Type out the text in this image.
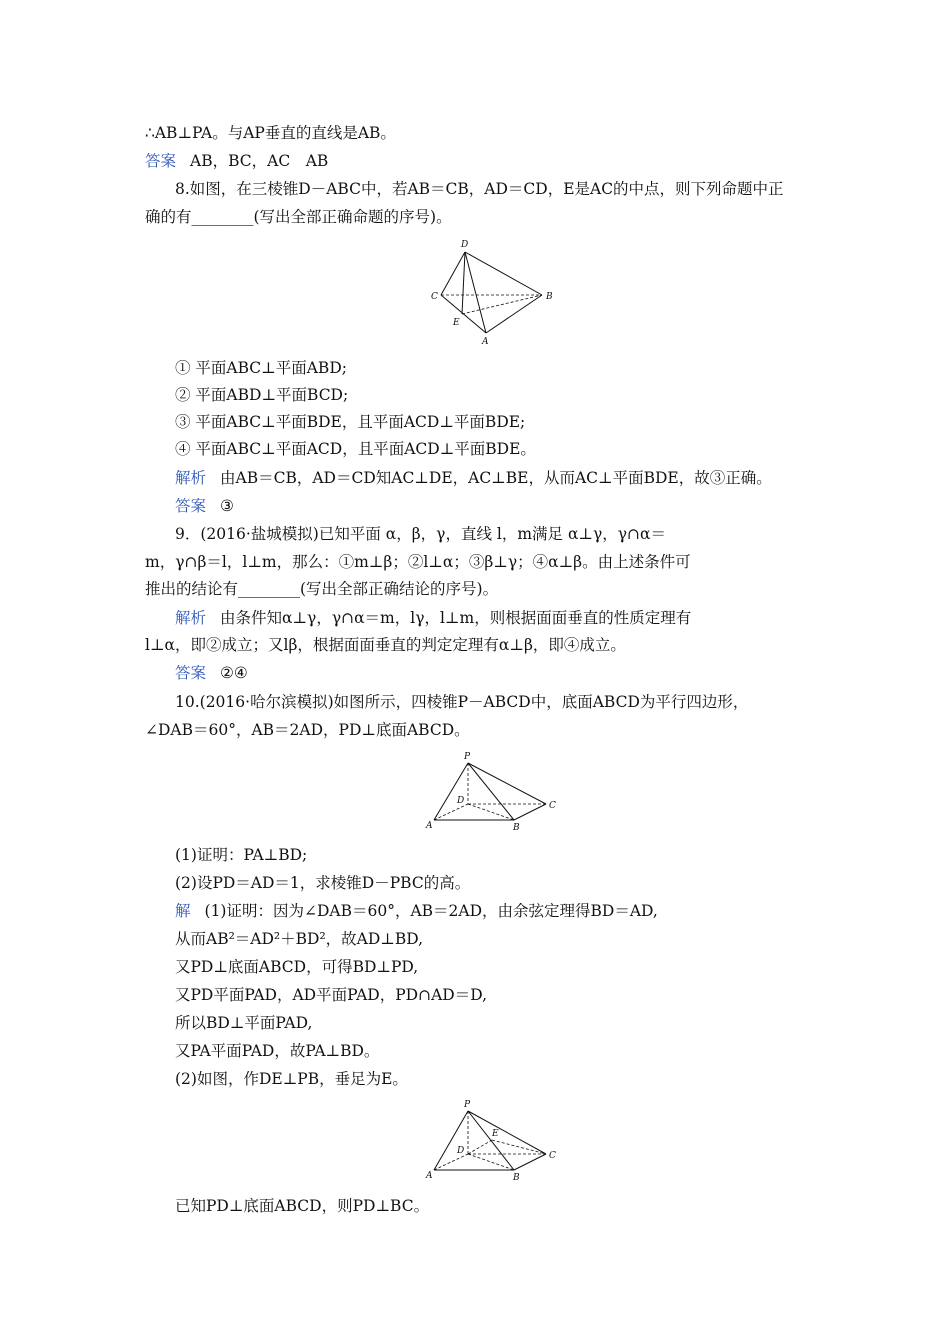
∴AB⊥PA。与AP垂直的直线是AB。
答案 AB，BC，AC　AB
8.如图，在三棱锥D－ABC中，若AB＝CB，AD＝CD，E是AC的中点，则下列命题中正
确的有________(写出全部正确命题的序号)。
D
C	B
E
A
① 平面ABC⊥平面ABD;
② 平面ABD⊥平面BCD;
③ 平面ABC⊥平面BDE，且平面ACD⊥平面BDE;
④ 平面ABC⊥平面ACD，且平面ACD⊥平面BDE。
解析 由AB＝CB，AD＝CD知AC⊥DE，AC⊥BE，从而AC⊥平面BDE，故③正确。
答案 ③
9．(2016·盐城模拟)已知平面 α，β，γ，直线 l，m满足 α⊥γ，γ∩α＝
m，γ∩β＝l，l⊥m，那么：①m⊥β；②l⊥α；③β⊥γ；④α⊥β。由上述条件可
推出的结论有________(写出全部正确结论的序号)。
解析 由条件知α⊥γ，γ∩α＝m，lγ，l⊥m，则根据面面垂直的性质定理有
l⊥α，即②成立；又lβ，根据面面垂直的判定定理有α⊥β，即④成立。
答案 ②④
10.(2016·哈尔滨模拟)如图所示，四棱锥P－ABCD中，底面ABCD为平行四边形，
∠DAB＝60°，AB＝2AD，PD⊥底面ABCD。
P
D	C
A	B
(1)证明：PA⊥BD;
(2)设PD＝AD＝1，求棱锥D－PBC的高。
解 (1)证明：因为∠DAB＝60°，AB＝2AD，由余弦定理得BD＝AD,
从而AB²＝AD²＋BD²，故AD⊥BD,
又PD⊥底面ABCD，可得BD⊥PD,
又PD平面PAD，AD平面PAD，PD∩AD＝D,
所以BD⊥平面PAD,
又PA平面PAD，故PA⊥BD。
(2)如图，作DE⊥PB，垂足为E。
P
E
D	C
A	B
已知PD⊥底面ABCD，则PD⊥BC。
